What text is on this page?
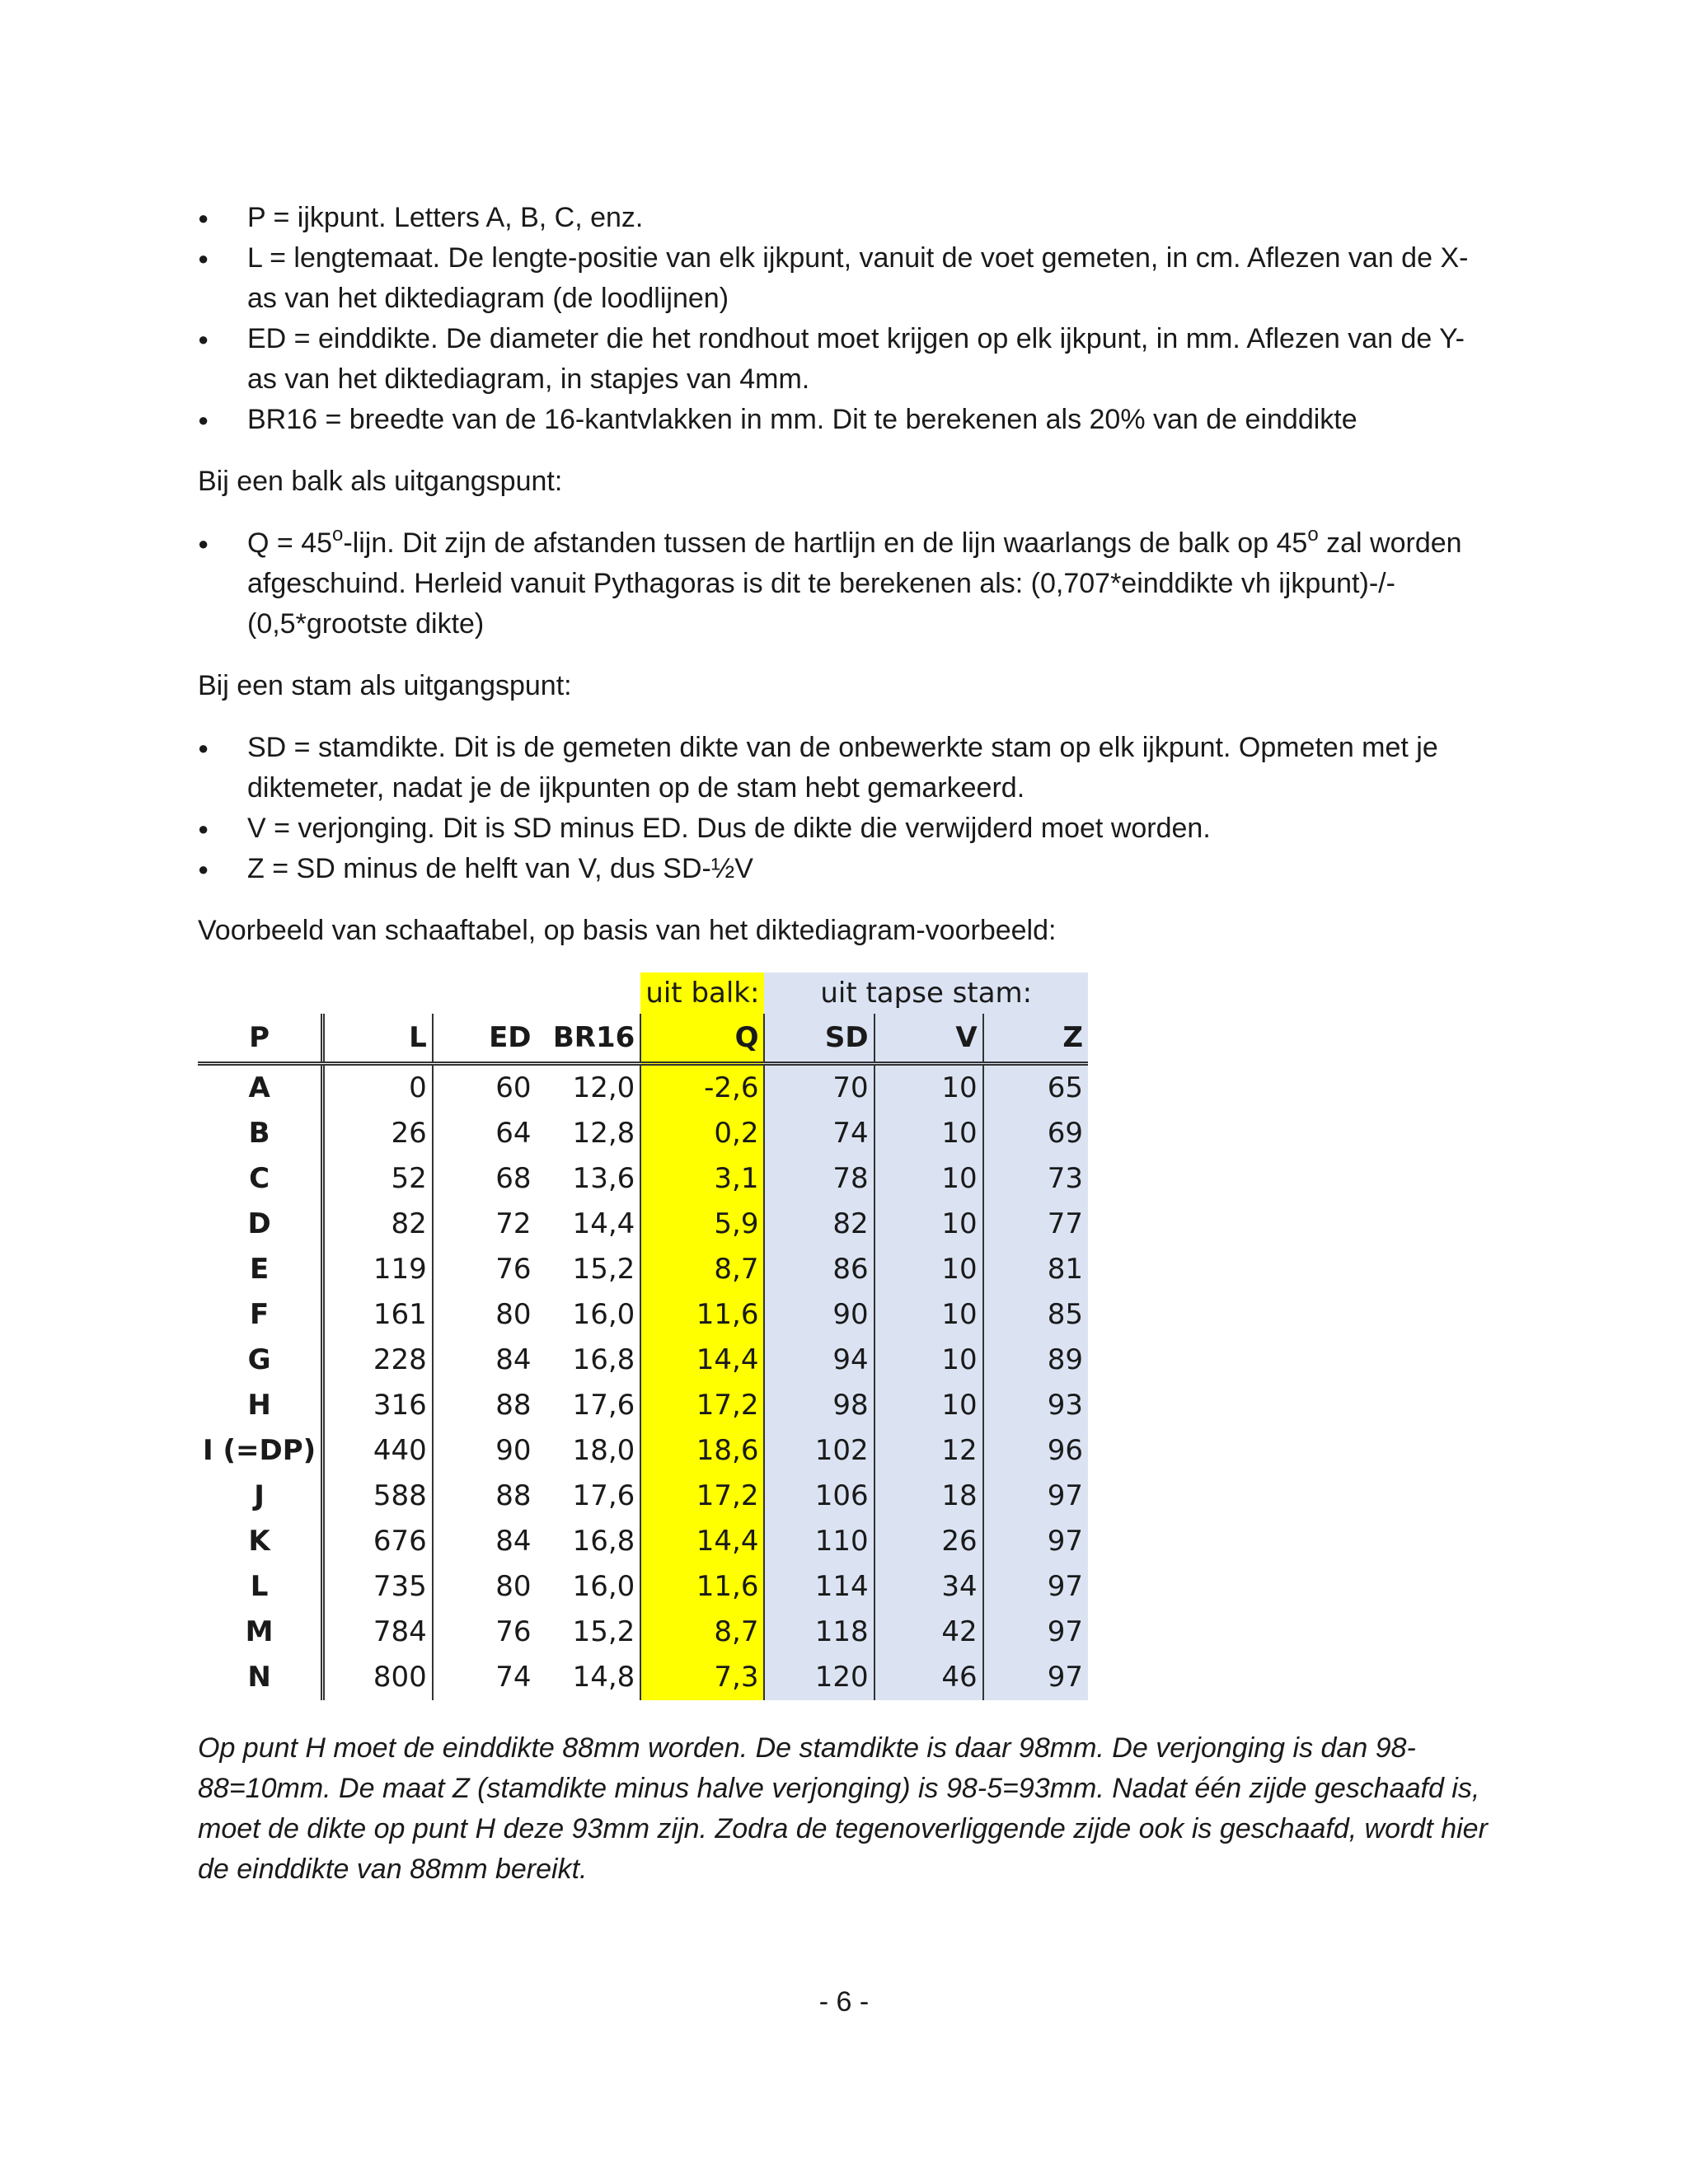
● P = ijkpunt. Letters A, B, C, enz.
● L = lengtemaat. De lengte-positie van elk ijkpunt, vanuit de voet gemeten, in cm. Aflezen van de X-as van het diktediagram (de loodlijnen)
● ED = einddikte. De diameter die het rondhout moet krijgen op elk ijkpunt, in mm. Aflezen van de Y-as van het diktediagram, in stapjes van 4mm.
● BR16 = breedte van de 16-kantvlakken in mm. Dit te berekenen als 20% van de einddikte

Bij een balk als uitgangspunt:

● $Q = 45^o$-lijn. Dit zijn de afstanden tussen de hartlijn en de lijn waarlangs de balk op 45$^o$ zal worden afgeschuind. Herleid vanuit Pythagoras is dit te berekenen als: (0,707*einddikte vh ijkpunt)-/-(0,5*grootste dikte)

Bij een stam als uitgangspunt:

● SD = stamdikte. Dit is de gemeten dikte van de onbewerkte stam op elk ijkpunt. Opmeten met je diktemeter, nadat je de ijkpunten op de stam hebt gemarkeerd.
● V = verjonging. Dit is SD minus ED. Dus de dikte die verwijderd moet worden.
● Z = SD minus de helft van V, dus SD-½V

Voorbeeld van schaaftabel, op basis van het diktediagram-voorbeeld:

				uit balk:	uit tapse stam:		
P	L	ED	BR16	Q	SD	V	Z
A	0	60	12,0	-2,6	70	10	65
B	26	64	12,8	0,2	74	10	69
C	52	68	13,6	3,1	78	10	73
D	82	72	14,4	5,9	82	10	77
E	119	76	15,2	8,7	86	10	81
F	161	80	16,0	11,6	90	10	85
G	228	84	16,8	14,4	94	10	89
H	316	88	17,6	17,2	98	10	93
I (=DP)	440	90	18,0	18,6	102	12	96
J	588	88	17,6	17,2	106	18	97
K	676	84	16,8	14,4	110	26	97
L	735	80	16,0	11,6	114	34	97
M	784	76	15,2	8,7	118	42	97
N	800	74	14,8	7,3	120	46	97

Op punt H moet de einddikte 88mm worden. De stamdikte is daar 98mm. De verjonging is dan 98-88=10mm. De maat Z (stamdikte minus halve verjonging) is 98-5=93mm. Nadat één zijde geschaafd is, moet de dikte op punt H deze 93mm zijn. Zodra de tegenoverliggende zijde ook is geschaafd, wordt hier de einddikte van 88mm bereikt.

- 6 -
